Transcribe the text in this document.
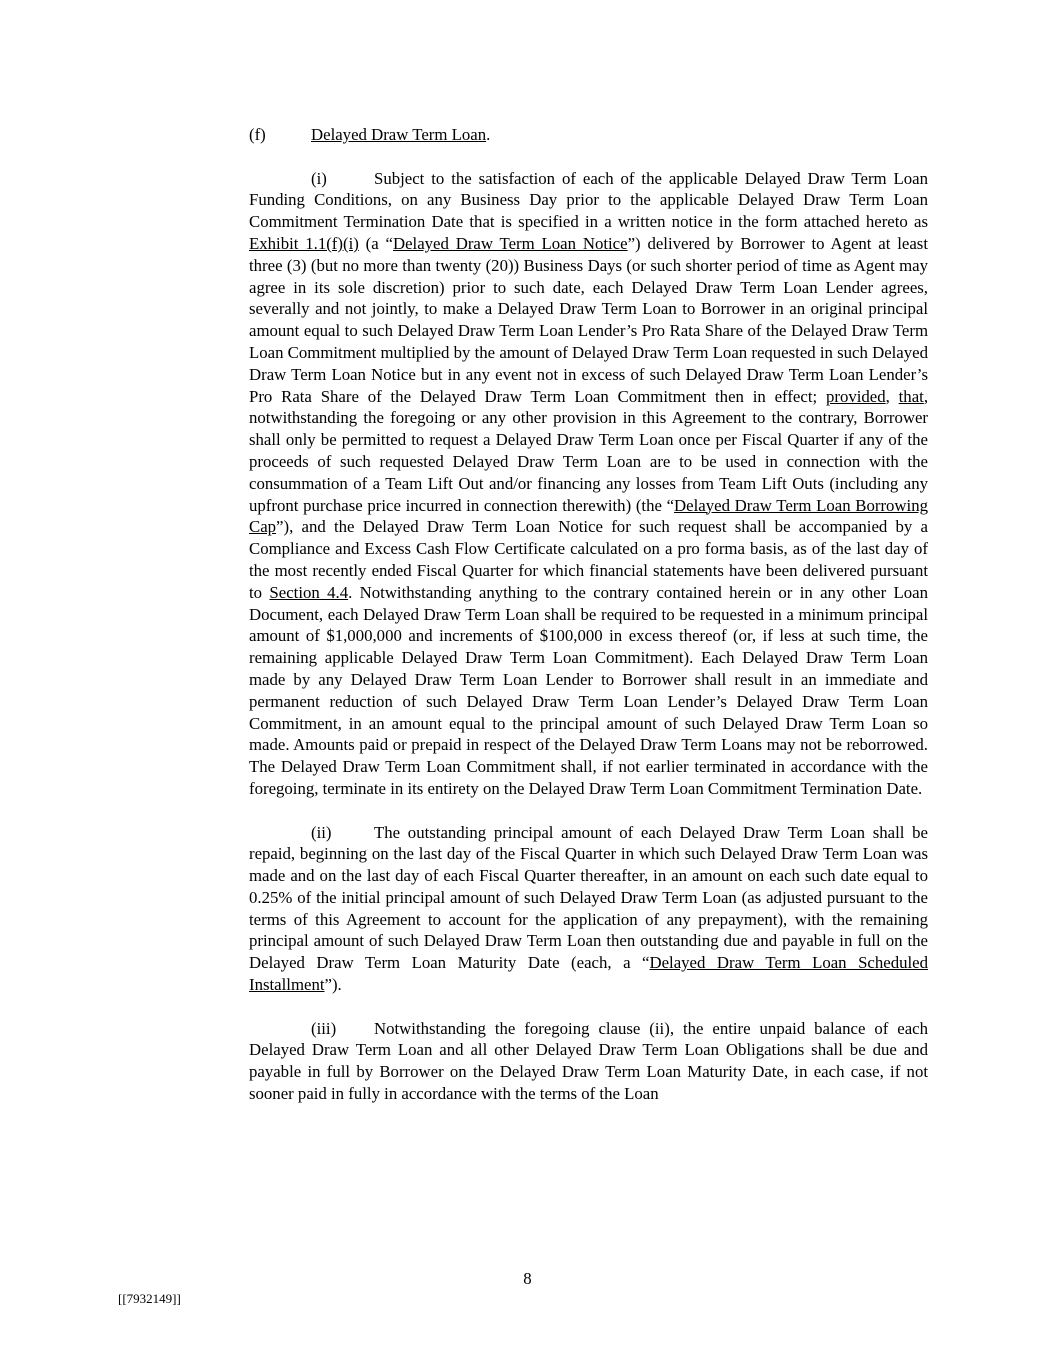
(f)	Delayed Draw Term Loan.
(i)	Subject to the satisfaction of each of the applicable Delayed Draw Term Loan Funding Conditions, on any Business Day prior to the applicable Delayed Draw Term Loan Commitment Termination Date that is specified in a written notice in the form attached hereto as Exhibit 1.1(f)(i) (a “Delayed Draw Term Loan Notice”) delivered by Borrower to Agent at least three (3) (but no more than twenty (20)) Business Days (or such shorter period of time as Agent may agree in its sole discretion) prior to such date, each Delayed Draw Term Loan Lender agrees, severally and not jointly, to make a Delayed Draw Term Loan to Borrower in an original principal amount equal to such Delayed Draw Term Loan Lender’s Pro Rata Share of the Delayed Draw Term Loan Commitment multiplied by the amount of Delayed Draw Term Loan requested in such Delayed Draw Term Loan Notice but in any event not in excess of such Delayed Draw Term Loan Lender’s Pro Rata Share of the Delayed Draw Term Loan Commitment then in effect; provided, that, notwithstanding the foregoing or any other provision in this Agreement to the contrary, Borrower shall only be permitted to request a Delayed Draw Term Loan once per Fiscal Quarter if any of the proceeds of such requested Delayed Draw Term Loan are to be used in connection with the consummation of a Team Lift Out and/or financing any losses from Team Lift Outs (including any upfront purchase price incurred in connection therewith) (the “Delayed Draw Term Loan Borrowing Cap”), and the Delayed Draw Term Loan Notice for such request shall be accompanied by a Compliance and Excess Cash Flow Certificate calculated on a pro forma basis, as of the last day of the most recently ended Fiscal Quarter for which financial statements have been delivered pursuant to Section 4.4. Notwithstanding anything to the contrary contained herein or in any other Loan Document, each Delayed Draw Term Loan shall be required to be requested in a minimum principal amount of $1,000,000 and increments of $100,000 in excess thereof (or, if less at such time, the remaining applicable Delayed Draw Term Loan Commitment). Each Delayed Draw Term Loan made by any Delayed Draw Term Loan Lender to Borrower shall result in an immediate and permanent reduction of such Delayed Draw Term Loan Lender’s Delayed Draw Term Loan Commitment, in an amount equal to the principal amount of such Delayed Draw Term Loan so made. Amounts paid or prepaid in respect of the Delayed Draw Term Loans may not be reborrowed. The Delayed Draw Term Loan Commitment shall, if not earlier terminated in accordance with the foregoing, terminate in its entirety on the Delayed Draw Term Loan Commitment Termination Date.
(ii)	The outstanding principal amount of each Delayed Draw Term Loan shall be repaid, beginning on the last day of the Fiscal Quarter in which such Delayed Draw Term Loan was made and on the last day of each Fiscal Quarter thereafter, in an amount on each such date equal to 0.25% of the initial principal amount of such Delayed Draw Term Loan (as adjusted pursuant to the terms of this Agreement to account for the application of any prepayment), with the remaining principal amount of such Delayed Draw Term Loan then outstanding due and payable in full on the Delayed Draw Term Loan Maturity Date (each, a “Delayed Draw Term Loan Scheduled Installment”).
(iii) Notwithstanding the foregoing clause (ii), the entire unpaid balance of each Delayed Draw Term Loan and all other Delayed Draw Term Loan Obligations shall be due and payable in full by Borrower on the Delayed Draw Term Loan Maturity Date, in each case, if not sooner paid in fully in accordance with the terms of the Loan
8
[[7932149]]
